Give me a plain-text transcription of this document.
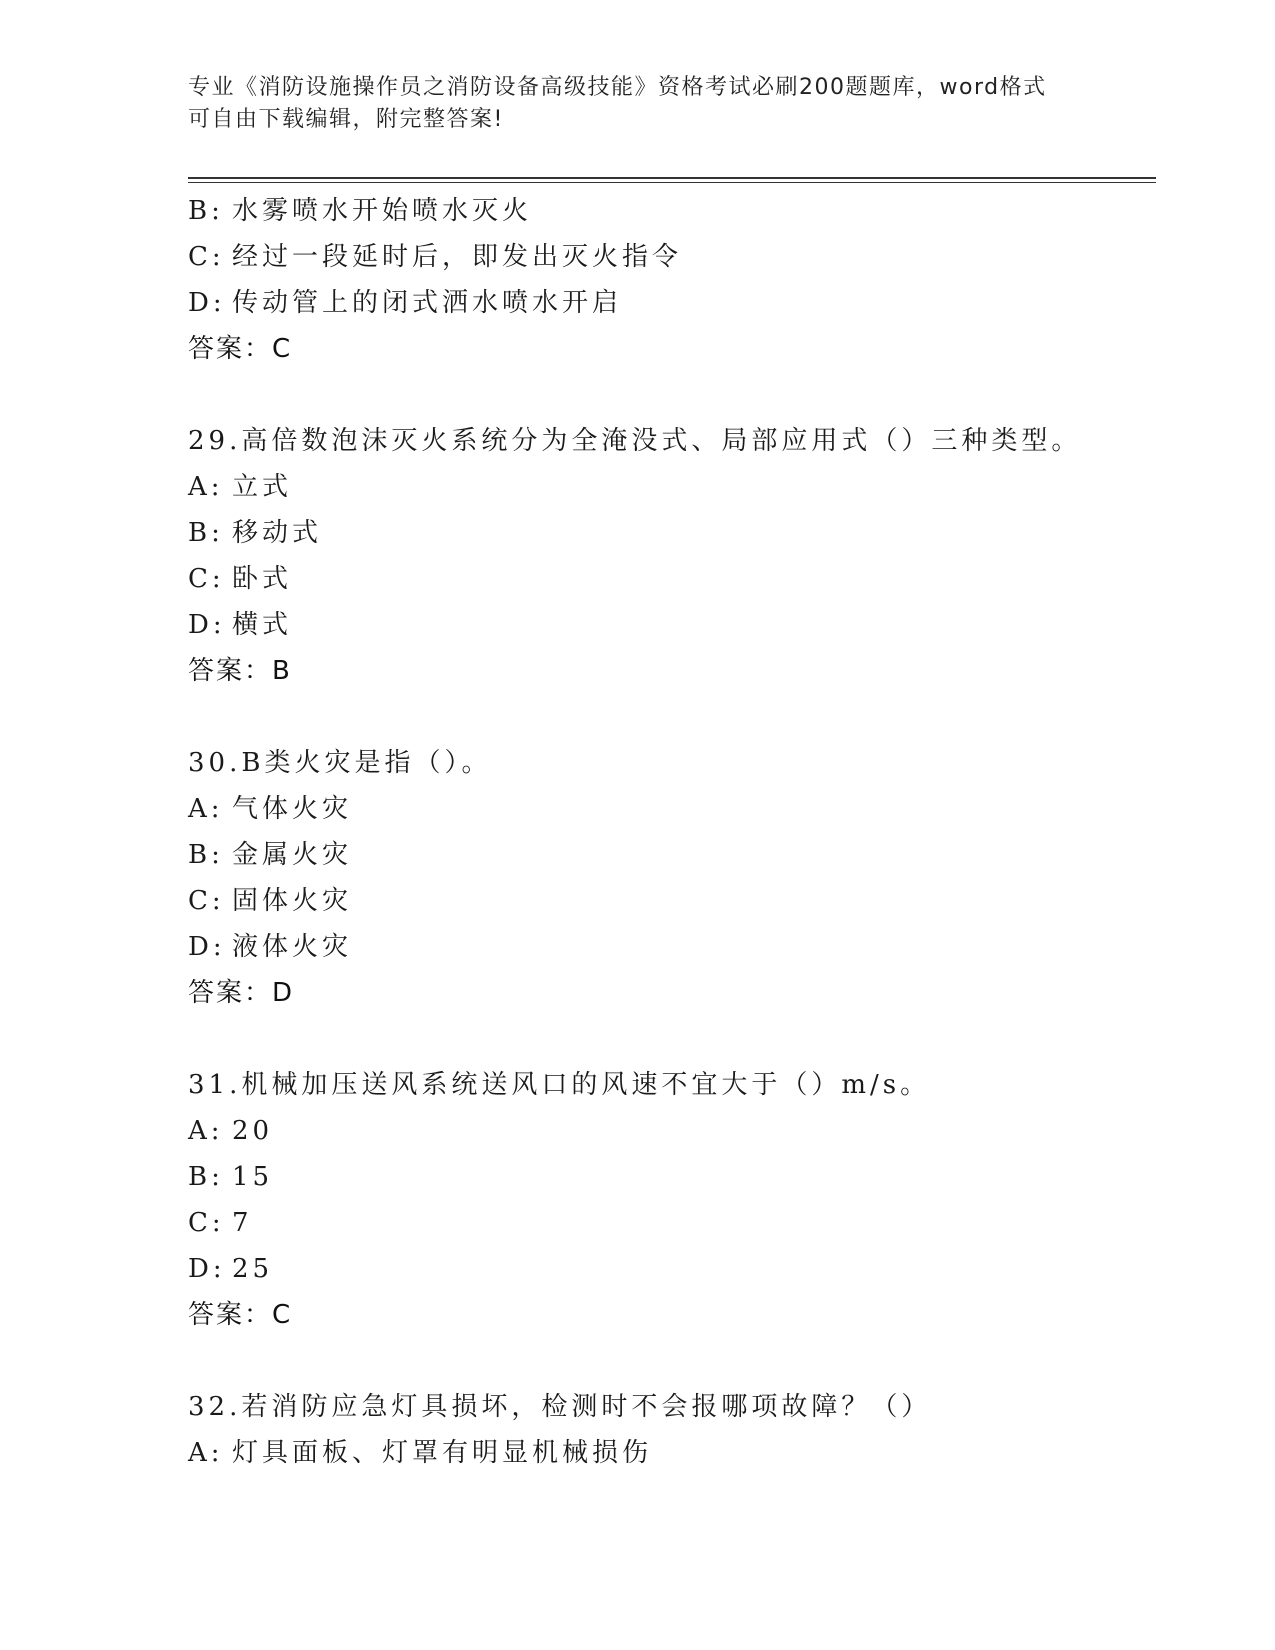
专业《消防设施操作员之消防设备高级技能》资格考试必刷200题题库，word格式可自由下载编辑，附完整答案!
B: 水雾喷水开始喷水灭火
C: 经过一段延时后，即发出灭火指令
D: 传动管上的闭式洒水喷水开启
答案：C
29.高倍数泡沫灭火系统分为全淹没式、局部应用式（）三种类型。
A: 立式
B: 移动式
C: 卧式
D: 横式
答案：B
30.B类火灾是指（）。
A: 气体火灾
B: 金属火灾
C: 固体火灾
D: 液体火灾
答案：D
31.机械加压送风系统送风口的风速不宜大于（）m/s。
A: 20
B: 15
C: 7
D: 25
答案：C
32.若消防应急灯具损坏，检测时不会报哪项故障？（）
A: 灯具面板、灯罩有明显机械损伤
